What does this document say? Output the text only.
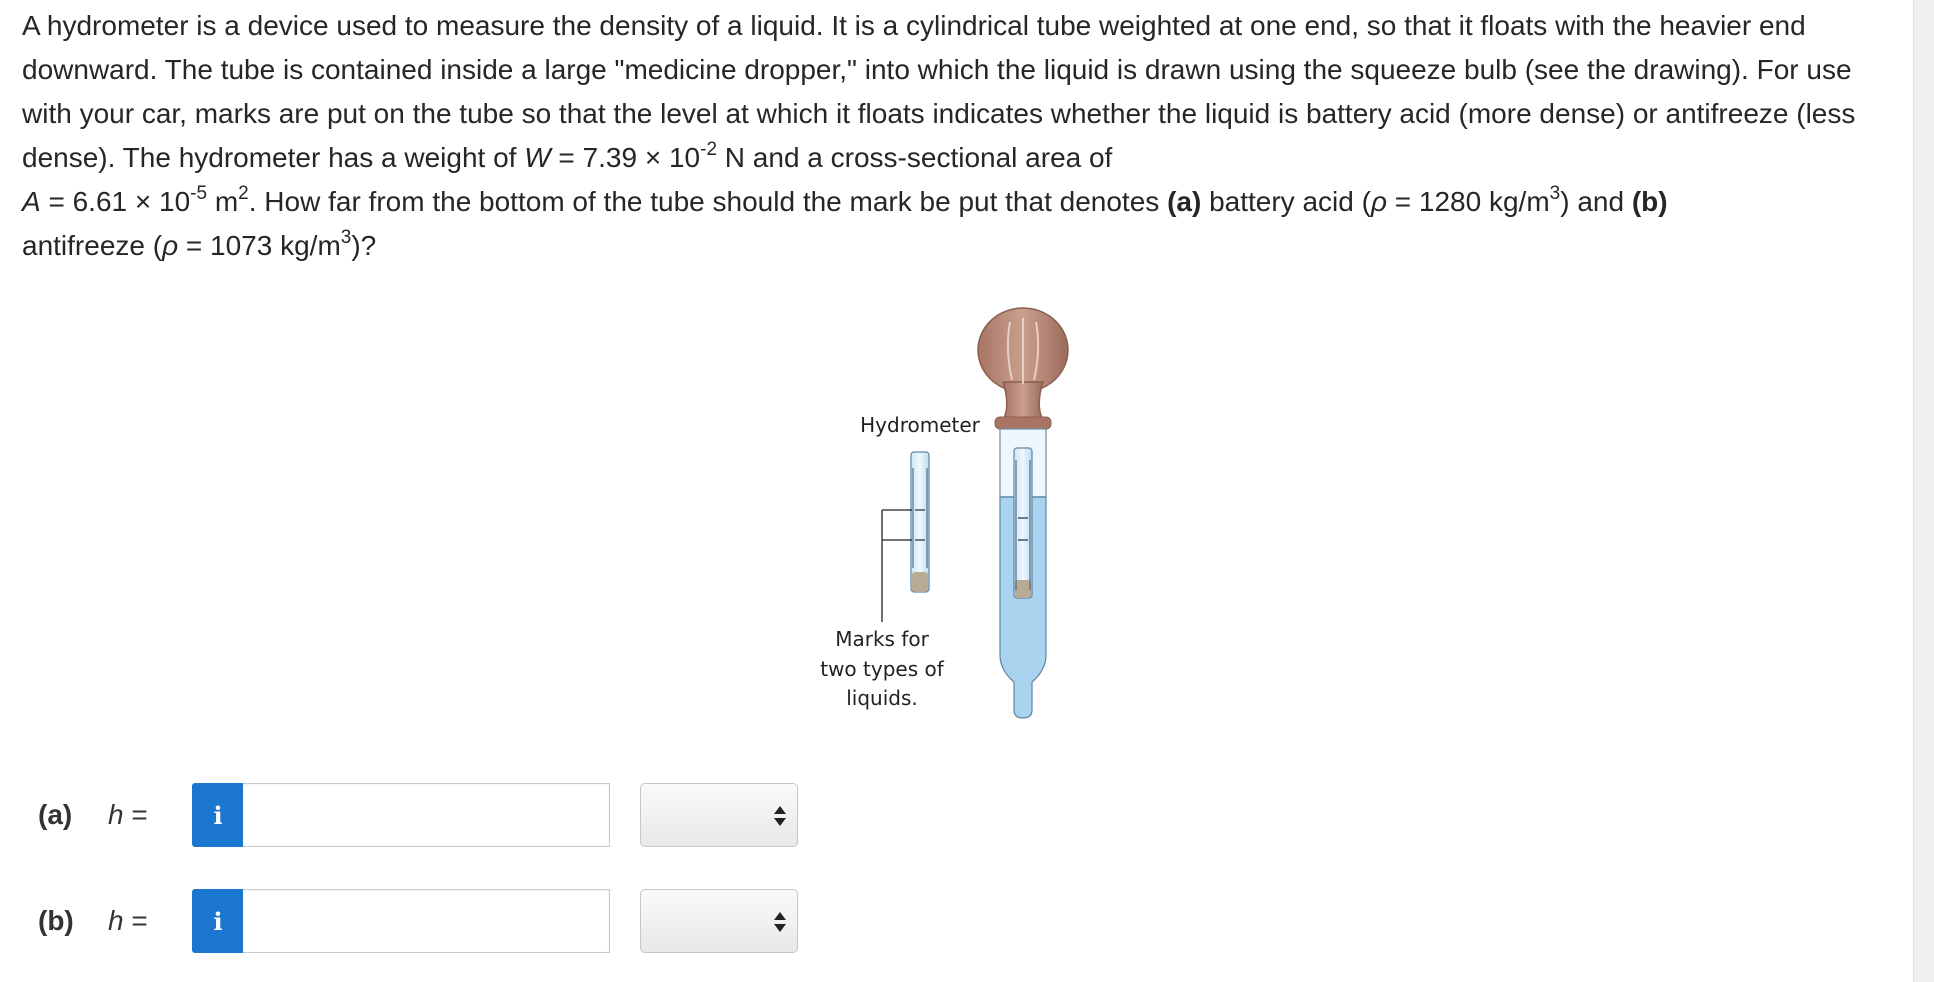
A hydrometer is a device used to measure the density of a liquid. It is a cylindrical tube weighted at one end, so that it floats with the heavier end downward. The tube is contained inside a large "medicine dropper," into which the liquid is drawn using the squeeze bulb (see the drawing). For use with your car, marks are put on the tube so that the level at which it floats indicates whether the liquid is battery acid (more dense) or antifreeze (less dense). The hydrometer has a weight of $W = 7.39 \times 10^{-2}$ N and a cross-sectional area of
$A = 6.61 \times 10^{-5}$ $m^2$. How far from the bottom of the tube should the mark be put that denotes (a) battery acid (ρ = 1280 $kg/m^3$) and (b)
antifreeze (ρ = 1073 $kg/m^3$)?
Hydrometer
Marks for
two types of
liquids.
(a) h =	i
(b) h =	i
